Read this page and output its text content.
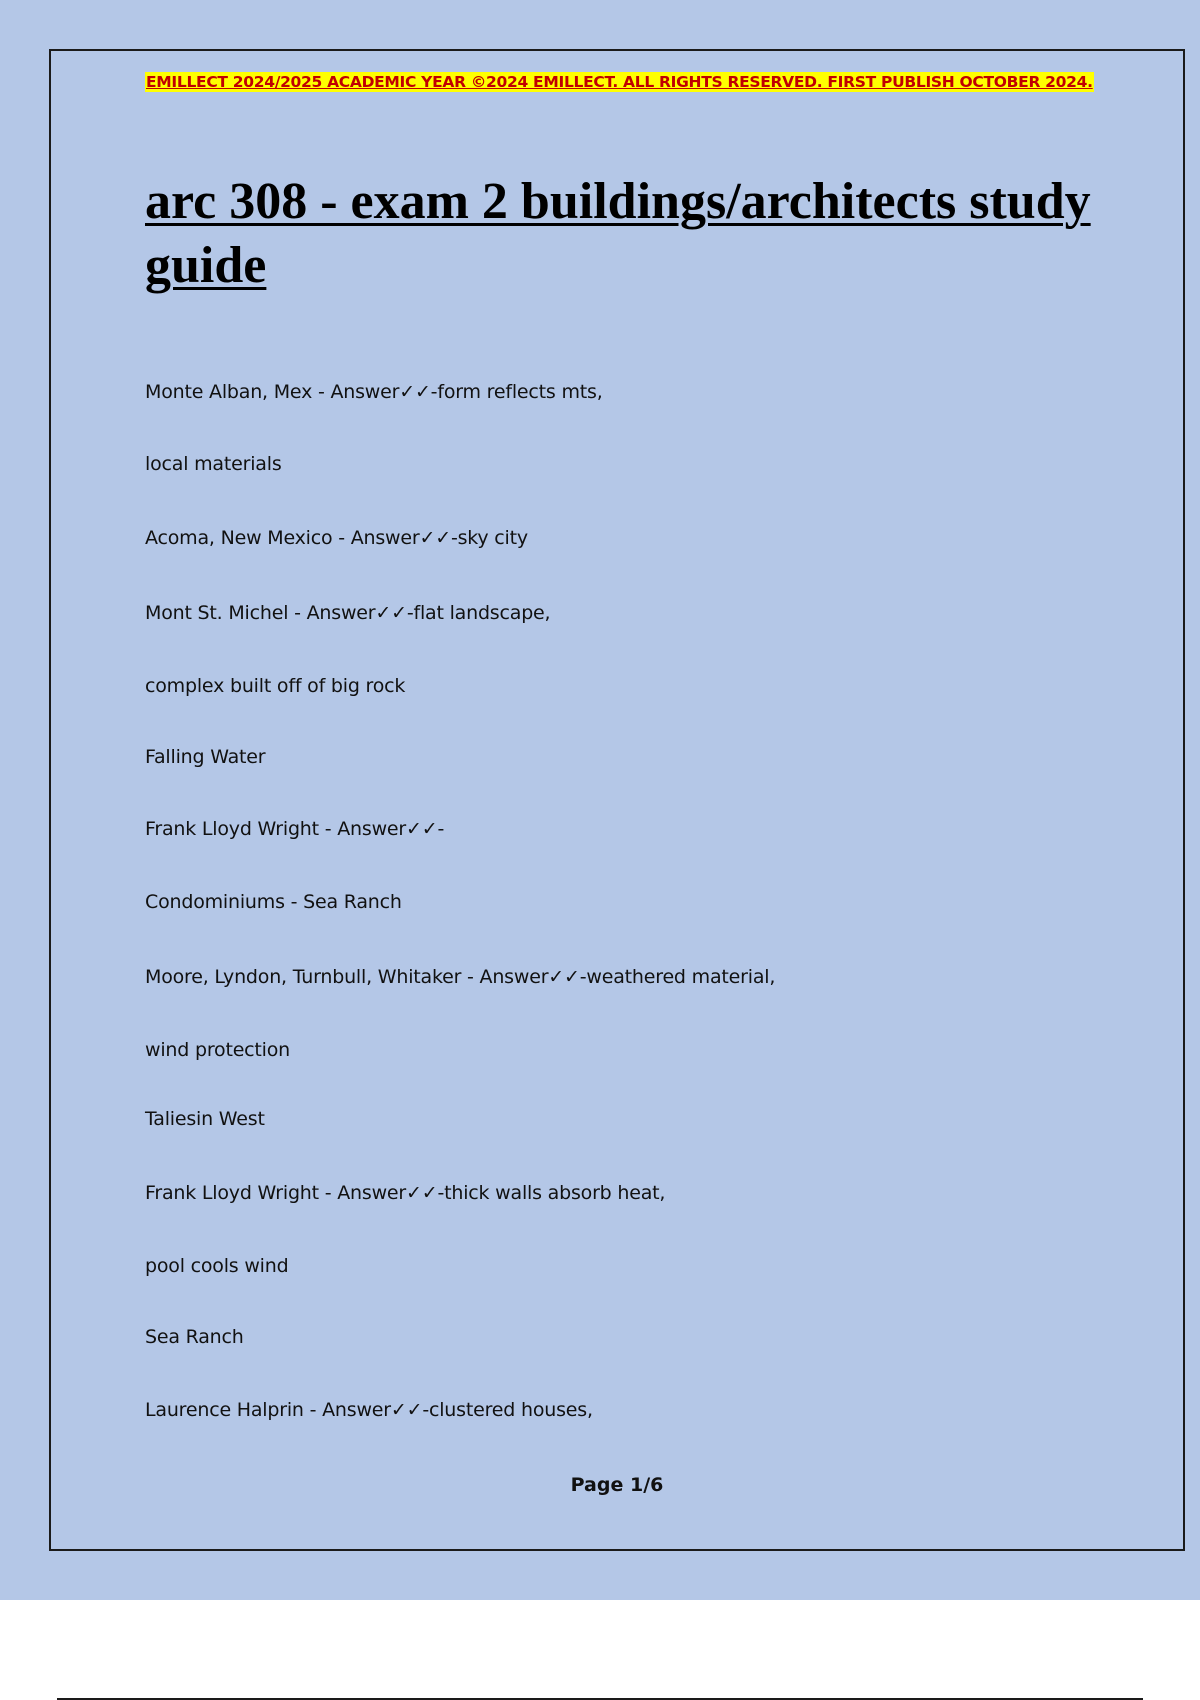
EMILLECT 2024/2025 ACADEMIC YEAR ©2024 EMILLECT. ALL RIGHTS RESERVED. FIRST PUBLISH OCTOBER 2024.

arc 308 - exam 2 buildings/architects study guide

Monte Alban, Mex - Answer✓✓-form reflects mts,

local materials

Acoma, New Mexico - Answer✓✓-sky city

Mont St. Michel - Answer✓✓-flat landscape,

complex built off of big rock

Falling Water

Frank Lloyd Wright - Answer✓✓-

Condominiums - Sea Ranch

Moore, Lyndon, Turnbull, Whitaker - Answer✓✓-weathered material,

wind protection

Taliesin West

Frank Lloyd Wright - Answer✓✓-thick walls absorb heat,

pool cools wind

Sea Ranch

Laurence Halprin - Answer✓✓-clustered houses,

Page 1/6
